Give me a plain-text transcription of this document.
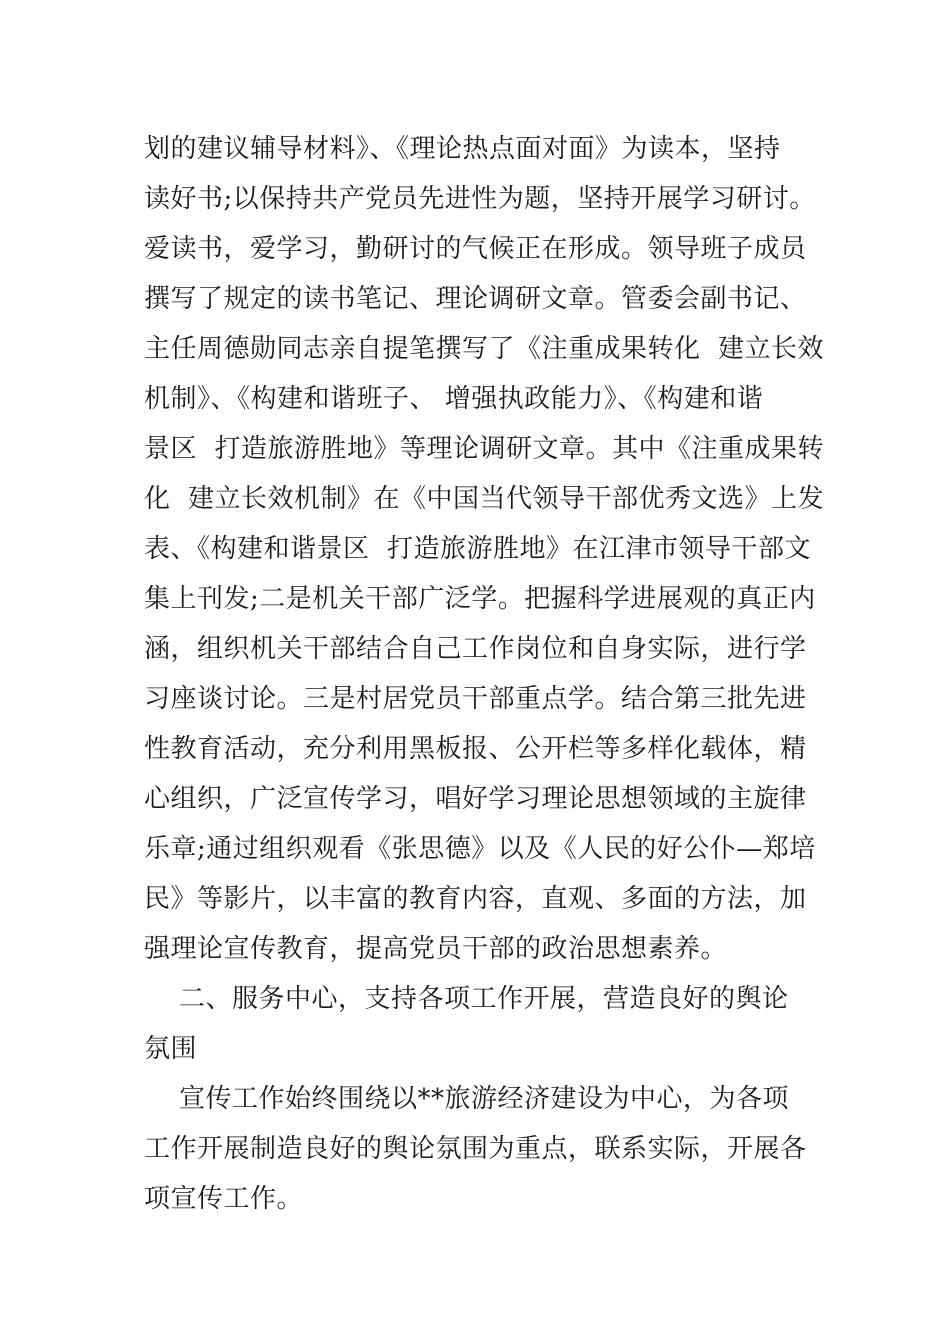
划的建议辅导材料》、《理论热点面对面》为读本，坚持
读好书;以保持共产党员先进性为题，坚持开展学习研讨。
爱读书，爱学习，勤研讨的气候正在形成。领导班子成员
撰写了规定的读书笔记、理论调研文章。管委会副书记、
主任周德勋同志亲自提笔撰写了《注重成果转化  建立长效
机制》、《构建和谐班子、 增强执政能力》、《构建和谐
景区  打造旅游胜地》等理论调研文章。其中《注重成果转
化  建立长效机制》在《中国当代领导干部优秀文选》上发
表、《构建和谐景区  打造旅游胜地》在江津市领导干部文
集上刊发;二是机关干部广泛学。把握科学进展观的真正内
涵，组织机关干部结合自己工作岗位和自身实际，进行学
习座谈讨论。三是村居党员干部重点学。结合第三批先进
性教育活动，充分利用黑板报、公开栏等多样化载体，精
心组织，广泛宣传学习，唱好学习理论思想领域的主旋律
乐章;通过组织观看《张思德》以及《人民的好公仆—郑培
民》等影片，以丰富的教育内容，直观、多面的方法，加
强理论宣传教育，提高党员干部的政治思想素养。
二、服务中心，支持各项工作开展，营造良好的舆论
氛围
宣传工作始终围绕以**旅游经济建设为中心，为各项
工作开展制造良好的舆论氛围为重点，联系实际，开展各
项宣传工作。
